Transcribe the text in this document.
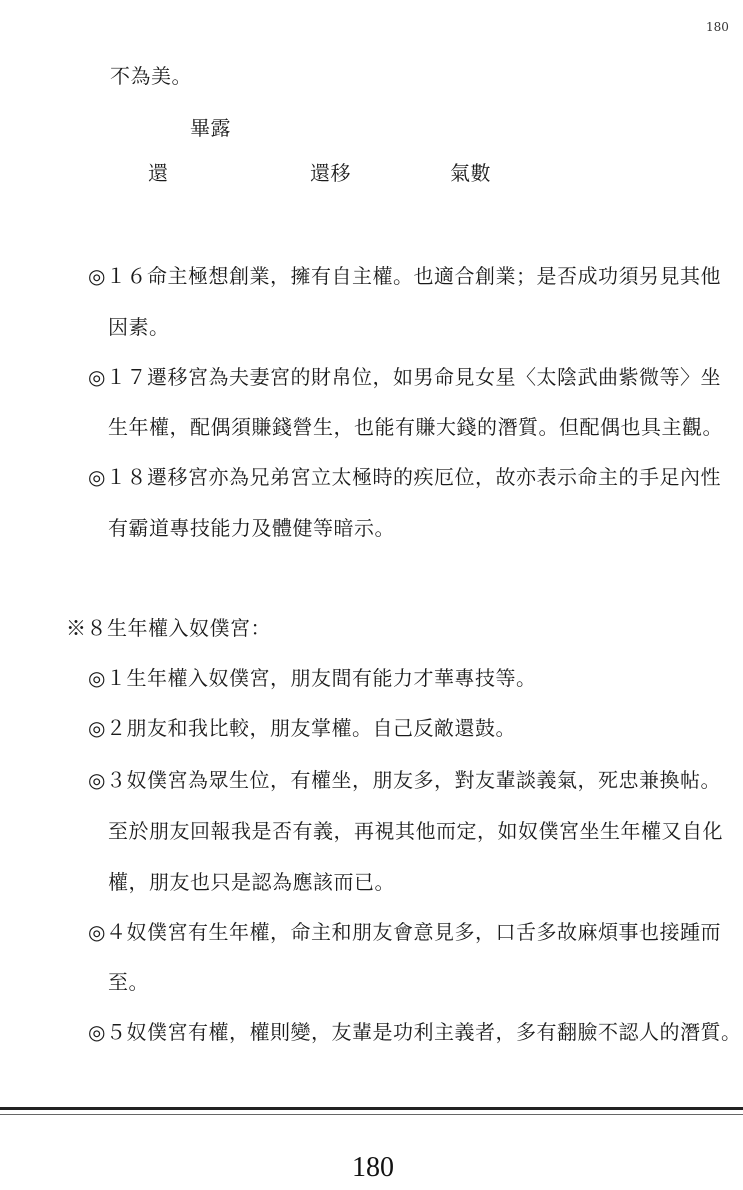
180
不為美。
畢露
還	還移	氣數
◎１６命主極想創業，擁有自主權。也適合創業；是否成功須另見其他
因素。
◎１７遷移宮為夫妻宮的財帛位，如男命見女星〈太陰武曲紫微等〉坐
生年權，配偶須賺錢營生，也能有賺大錢的潛質。但配偶也具主觀。
◎１８遷移宮亦為兄弟宮立太極時的疾厄位，故亦表示命主的手足內性
有霸道專技能力及體健等暗示。
※８生年權入奴僕宮：
◎１生年權入奴僕宮，朋友間有能力才華專技等。
◎２朋友和我比較，朋友掌權。自己反敵還鼓。
◎３奴僕宮為眾生位，有權坐，朋友多，對友輩談義氣，死忠兼換帖。
至於朋友回報我是否有義，再視其他而定，如奴僕宮坐生年權又自化
權，朋友也只是認為應該而已。
◎４奴僕宮有生年權，命主和朋友會意見多，口舌多故麻煩事也接踵而
至。
◎５奴僕宮有權，權則變，友輩是功利主義者，多有翻臉不認人的潛質。
180
